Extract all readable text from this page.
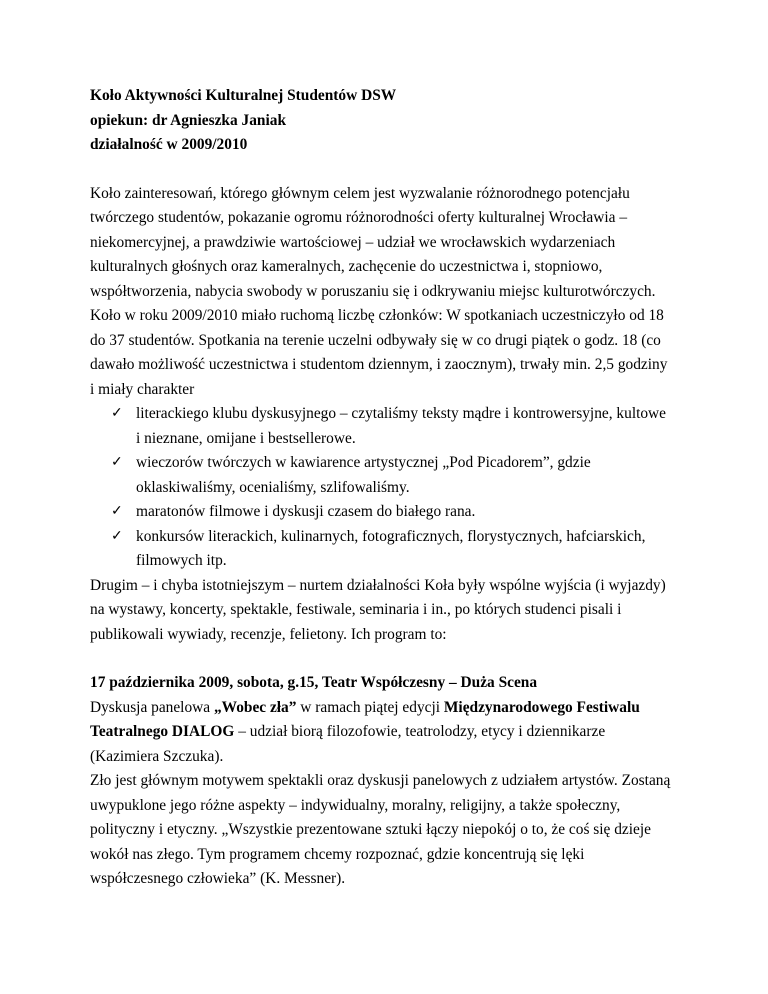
Koło Aktywności Kulturalnej Studentów DSW
opiekun: dr Agnieszka Janiak
działalność w 2009/2010
Koło zainteresowań, którego głównym celem jest wyzwalanie różnorodnego potencjału
twórczego studentów, pokazanie ogromu różnorodności oferty kulturalnej Wrocławia –
niekomercyjnej, a prawdziwie wartościowej – udział we wrocławskich wydarzeniach
kulturalnych głośnych oraz kameralnych, zachęcenie do uczestnictwa i, stopniowo,
współtworzenia, nabycia swobody w poruszaniu się i odkrywaniu miejsc kulturotwórczych.
Koło w roku 2009/2010 miało ruchomą liczbę członków: W spotkaniach uczestniczyło od 18
do 37 studentów. Spotkania na terenie uczelni odbywały się w co drugi piątek o godz. 18 (co
dawało możliwość uczestnictwa i studentom dziennym, i zaocznym), trwały min. 2,5 godziny
i miały charakter
✓ literackiego klubu dyskusyjnego – czytaliśmy teksty mądre i kontrowersyjne, kultowe
i nieznane, omijane i bestsellerowe.
✓ wieczorów twórczych w kawiarence artystycznej „Pod Picadorem”, gdzie
oklaskiwaliśmy, ocenialiśmy, szlifowaliśmy.
✓ maratonów filmowe i dyskusji czasem do białego rana.
✓ konkursów literackich, kulinarnych, fotograficznych, florystycznych, hafciarskich,
filmowych itp.
Drugim – i chyba istotniejszym – nurtem działalności Koła były wspólne wyjścia (i wyjazdy)
na wystawy, koncerty, spektakle, festiwale, seminaria i in., po których studenci pisali i
publikowali wywiady, recenzje, felietony. Ich program to:
17 października 2009, sobota, g.15, Teatr Współczesny – Duża Scena
Dyskusja panelowa „Wobec zła” w ramach piątej edycji Międzynarodowego Festiwalu
Teatralnego DIALOG – udział biorą filozofowie, teatrolodzy, etycy i dziennikarze
(Kazimiera Szczuka).
Zło jest głównym motywem spektakli oraz dyskusji panelowych z udziałem artystów. Zostaną
uwypuklone jego różne aspekty – indywidualny, moralny, religijny, a także społeczny,
polityczny i etyczny. „Wszystkie prezentowane sztuki łączy niepokój o to, że coś się dzieje
wokół nas złego. Tym programem chcemy rozpoznać, gdzie koncentrują się lęki
współczesnego człowieka” (K. Messner).
